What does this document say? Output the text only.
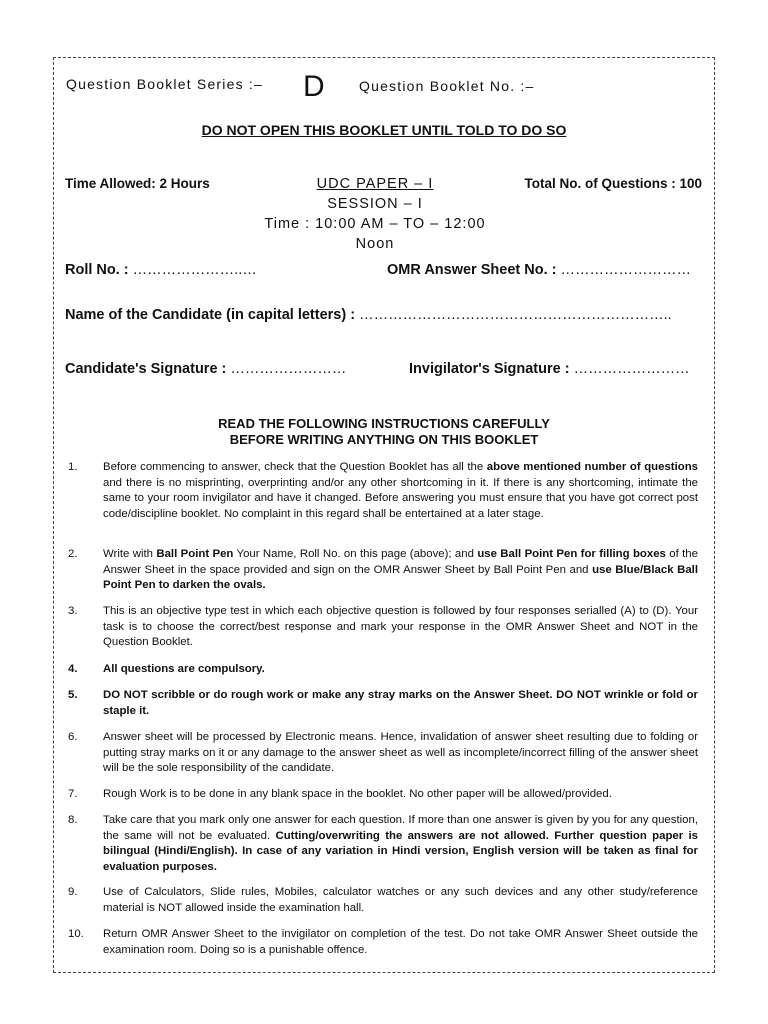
Question Booklet Series :– D Question Booklet No. :–
DO NOT OPEN THIS BOOKLET UNTIL TOLD TO DO SO
Time Allowed: 2 Hours	UDC PAPER – I
SESSION – I
Time : 10:00 AM – TO – 12:00 Noon
Total No. of Questions : 100
Roll No. : …………………..…	OMR Answer Sheet No. : ………………………
Name of the Candidate (in capital letters) : ………………………………………………………..
Candidate's Signature : ……………………	Invigilator's Signature : ……………………
READ THE FOLLOWING INSTRUCTIONS CAREFULLY
BEFORE WRITING ANYTHING ON THIS BOOKLET
1. Before commencing to answer, check that the Question Booklet has all the above mentioned number of questions and there is no misprinting, overprinting and/or any other shortcoming in it. If there is any shortcoming, intimate the same to your room invigilator and have it changed. Before answering you must ensure that you have got correct post code/discipline booklet. No complaint in this regard shall be entertained at a later stage.
2. Write with Ball Point Pen Your Name, Roll No. on this page (above); and use Ball Point Pen for filling boxes of the Answer Sheet in the space provided and sign on the OMR Answer Sheet by Ball Point Pen and use Blue/Black Ball Point Pen to darken the ovals.
3. This is an objective type test in which each objective question is followed by four responses serialled (A) to (D). Your task is to choose the correct/best response and mark your response in the OMR Answer Sheet and NOT in the Question Booklet.
4. All questions are compulsory.
5. DO NOT scribble or do rough work or make any stray marks on the Answer Sheet. DO NOT wrinkle or fold or staple it.
6. Answer sheet will be processed by Electronic means. Hence, invalidation of answer sheet resulting due to folding or putting stray marks on it or any damage to the answer sheet as well as incomplete/incorrect filling of the answer sheet will be the sole responsibility of the candidate.
7. Rough Work is to be done in any blank space in the booklet. No other paper will be allowed/provided.
8. Take care that you mark only one answer for each question. If more than one answer is given by you for any question, the same will not be evaluated. Cutting/overwriting the answers are not allowed. Further question paper is bilingual (Hindi/English). In case of any variation in Hindi version, English version will be taken as final for evaluation purposes.
9. Use of Calculators, Slide rules, Mobiles, calculator watches or any such devices and any other study/reference material is NOT allowed inside the examination hall.
10. Return OMR Answer Sheet to the invigilator on completion of the test. Do not take OMR Answer Sheet outside the examination room. Doing so is a punishable offence.
